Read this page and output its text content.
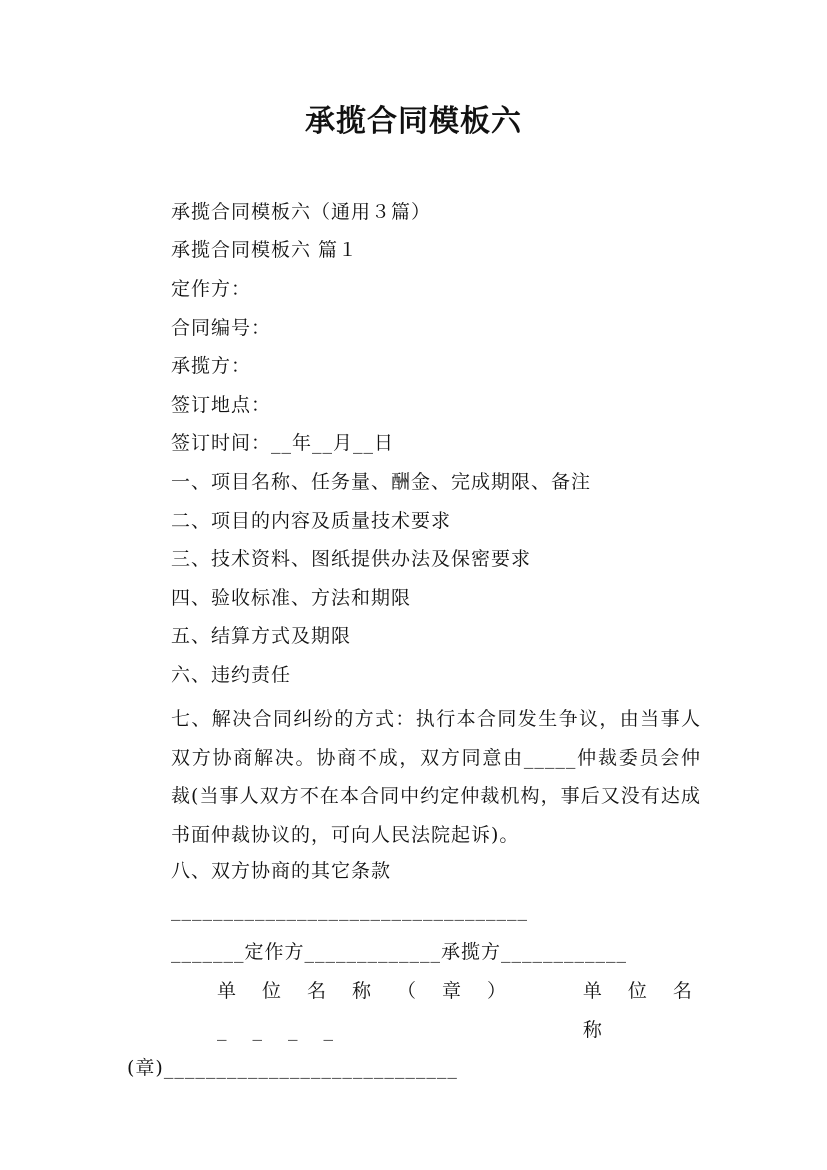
承揽合同模板六
承揽合同模板六（通用３篇）
承揽合同模板六 篇１
定作方：
合同编号：
承揽方：
签订地点：
签订时间：__年__月__日
一、项目名称、任务量、酬金、完成期限、备注
二、项目的内容及质量技术要求
三、技术资料、图纸提供办法及保密要求
四、验收标准、方法和期限
五、结算方式及期限
六、违约责任
七、解决合同纠纷的方式：执行本合同发生争议，由当事人双方协商解决。协商不成，双方同意由_____仲裁委员会仲裁(当事人双方不在本合同中约定仲裁机构，事后又没有达成书面仲裁协议的，可向人民法院起诉)。
八、双方协商的其它条款
__________________________________
_______定作方_____________承揽方____________
单位名称（章）____
单位名称
(章)____________________________
